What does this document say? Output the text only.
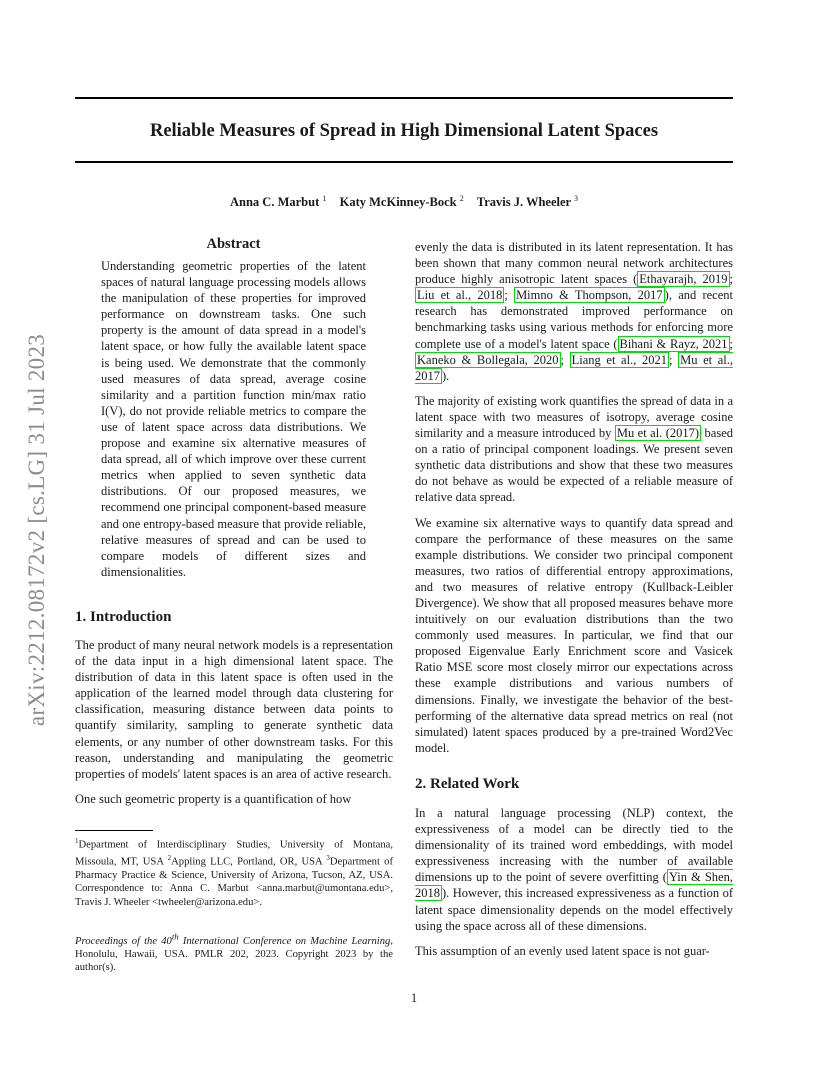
Reliable Measures of Spread in High Dimensional Latent Spaces
Anna C. Marbut $^1$ Katy McKinney-Bock $^2$ Travis J. Wheeler $^3$
arXiv:2212.08172v2 [cs.LG] 31 Jul 2023
Abstract
Understanding geometric properties of the latent spaces of natural language processing models allows the manipulation of these properties for improved performance on downstream tasks. One such property is the amount of data spread in a model's latent space, or how fully the available latent space is being used. We demonstrate that the commonly used measures of data spread, average cosine similarity and a partition function min/max ratio I(V), do not provide reliable metrics to compare the use of latent space across data distributions. We propose and examine six alternative measures of data spread, all of which improve over these current metrics when applied to seven synthetic data distributions. Of our proposed measures, we recommend one principal component-based measure and one entropy-based measure that provide reliable, relative measures of spread and can be used to compare models of different sizes and dimensionalities.
1. Introduction

The product of many neural network models is a representation of the data input in a high dimensional latent space. The distribution of data in this latent space is often used in the application of the learned model through data clustering for classification, measuring distance between data points to quantify similarity, sampling to generate synthetic data elements, or any number of other downstream tasks. For this reason, understanding and manipulating the geometric properties of models' latent spaces is an area of active research.

One such geometric property is a quantification of how

$^1$Department of Interdisciplinary Studies, University of Montana, Missoula, MT, USA $^2$Appling LLC, Portland, OR, USA $^3$Department of Pharmacy Practice & Science, University of Arizona, Tucson, AZ, USA. Correspondence to: Anna C. Marbut <anna.marbut@umontana.edu>, Travis J. Wheeler <twheeler@arizona.edu>.
Proceedings of the 40th International Conference on Machine Learning, Honolulu, Hawaii, USA. PMLR 202, 2023. Copyright 2023 by the author(s).

evenly the data is distributed in its latent representation. It has been shown that many common neural network architectures produce highly anisotropic latent spaces ( Ethayarajh, 2019 ; Liu et al., 2018 ; Mimno & Thompson, 2017 ), and recent research has demonstrated improved performance on benchmarking tasks using various methods for enforcing more complete use of a model's latent space ( Bihani & Rayz, 2021 ; Kaneko & Bollegala, 2020 ; Liang et al., 2021 ; Mu et al., 2017 ).

The majority of existing work quantifies the spread of data in a latent space with two measures of isotropy, average cosine similarity and a measure introduced by Mu et al. (2017) based on a ratio of principal component loadings. We present seven synthetic data distributions and show that these two measures do not behave as would be expected of a reliable measure of relative data spread.

We examine six alternative ways to quantify data spread and compare the performance of these measures on the same example distributions. We consider two principal component measures, two ratios of differential entropy approximations, and two measures of relative entropy (Kullback-Leibler Divergence). We show that all proposed measures behave more intuitively on our evaluation distributions than the two commonly used measures. In particular, we find that our proposed Eigenvalue Early Enrichment score and Vasicek Ratio MSE score most closely mirror our expectations across these example distributions and various numbers of dimensions. Finally, we investigate the behavior of the best-performing of the alternative data spread metrics on real (not simulated) latent spaces produced by a pre-trained Word2Vec model.

2. Related Work

In a natural language processing (NLP) context, the expressiveness of a model can be directly tied to the dimensionality of its trained word embeddings, with model expressiveness increasing with the number of available dimensions up to the point of severe overfitting ( Yin & Shen, 2018 ). However, this increased expressiveness as a function of latent space dimensionality depends on the model effectively using the space across all of these dimensions.

This assumption of an evenly used latent space is not guar-

1
